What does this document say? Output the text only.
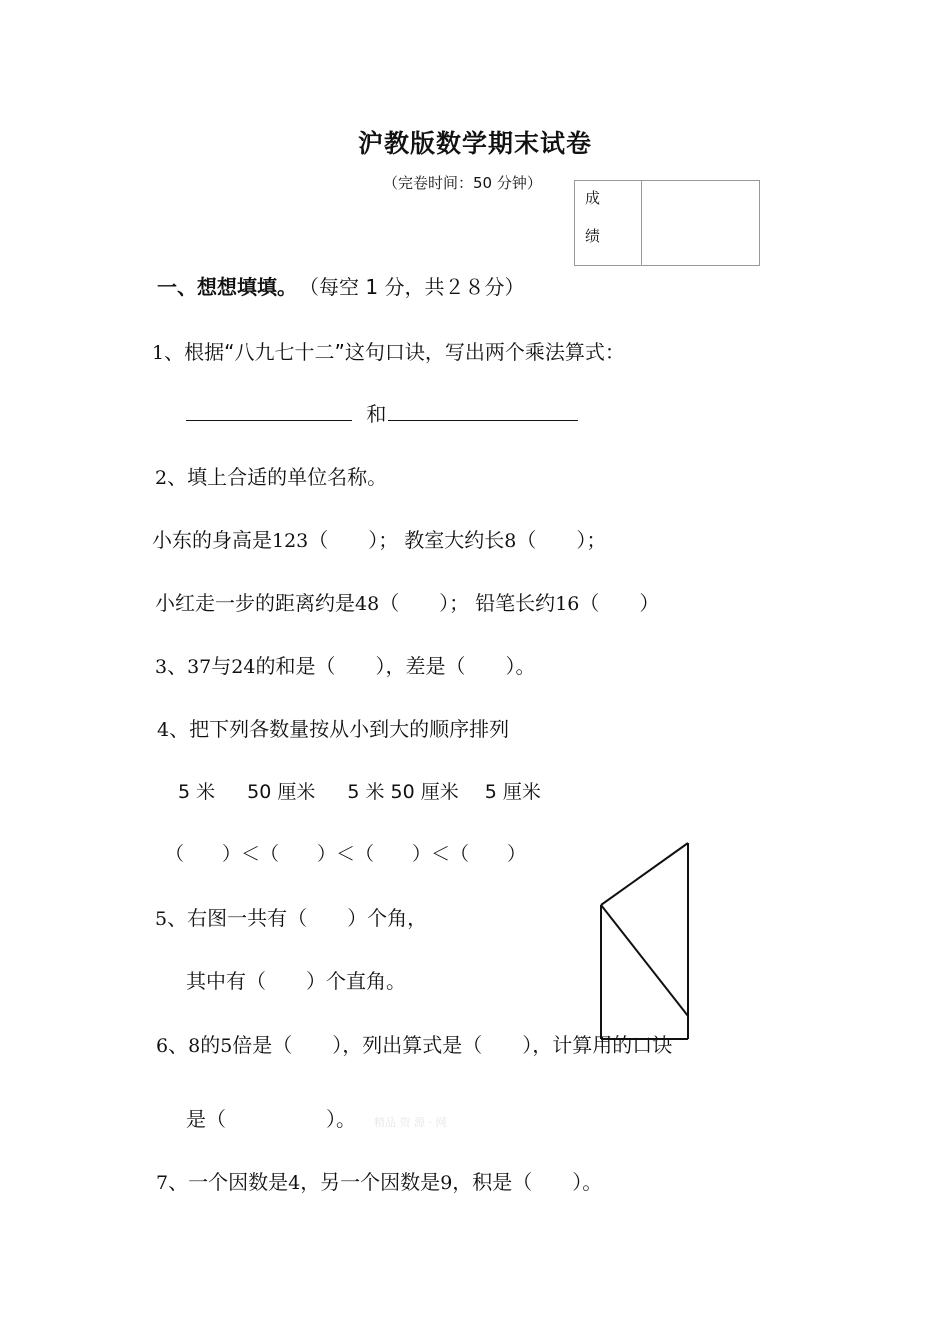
沪教版数学期末试卷
（完卷时间：50 分钟）
成
绩
一、想想填填。 （每空 1 分，共２８分）
1、根据“八九七十二”这句口诀，写出两个乘法算式：
和
2、填上合适的单位名称。
小东的身高是123（　　）； 教室大约长8（　　）；
小红走一步的距离约是48（　　）； 铅笔长约16（　　）
3、37与24的和是（　　），差是（　　）。
4、把下列各数量按从小到大的顺序排列
5 米 50 厘米 5 米 50 厘米 5 厘米
（　　）＜（　　）＜（　　）＜（　　）
5、右图一共有（　　）个角，
其中有（　　）个直角。
6、8的5倍是（　　），列出算式是（　　），计算用的口诀
是（　　　　　）。 精品 资 源 · 网
7、一个因数是4，另一个因数是9，积是（　　）。
